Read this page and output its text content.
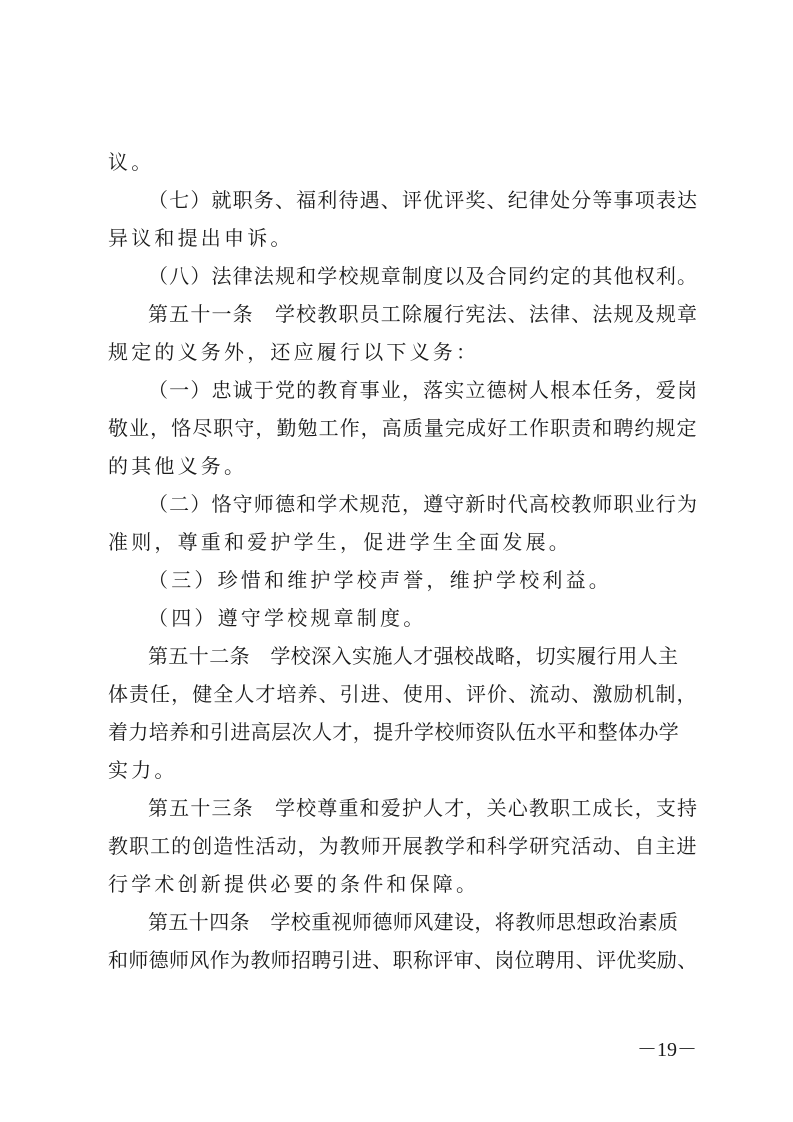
议。
（七）就职务、福利待遇、评优评奖、纪律处分等事项表达
异议和提出申诉。
（八）法律法规和学校规章制度以及合同约定的其他权利。
第五十一条　学校教职员工除履行宪法、法律、法规及规章
规定的义务外，还应履行以下义务：
（一）忠诚于党的教育事业，落实立德树人根本任务，爱岗
敬业，恪尽职守，勤勉工作，高质量完成好工作职责和聘约规定
的其他义务。
（二）恪守师德和学术规范，遵守新时代高校教师职业行为
准则，尊重和爱护学生，促进学生全面发展。
（三）珍惜和维护学校声誉，维护学校利益。
（四）遵守学校规章制度。
第五十二条　学校深入实施人才强校战略，切实履行用人主
体责任，健全人才培养、引进、使用、评价、流动、激励机制，
着力培养和引进高层次人才，提升学校师资队伍水平和整体办学
实力。
第五十三条　学校尊重和爱护人才，关心教职工成长，支持
教职工的创造性活动，为教师开展教学和科学研究活动、自主进
行学术创新提供必要的条件和保障。
第五十四条　学校重视师德师风建设，将教师思想政治素质
和师德师风作为教师招聘引进、职称评审、岗位聘用、评优奖励、
－19－
